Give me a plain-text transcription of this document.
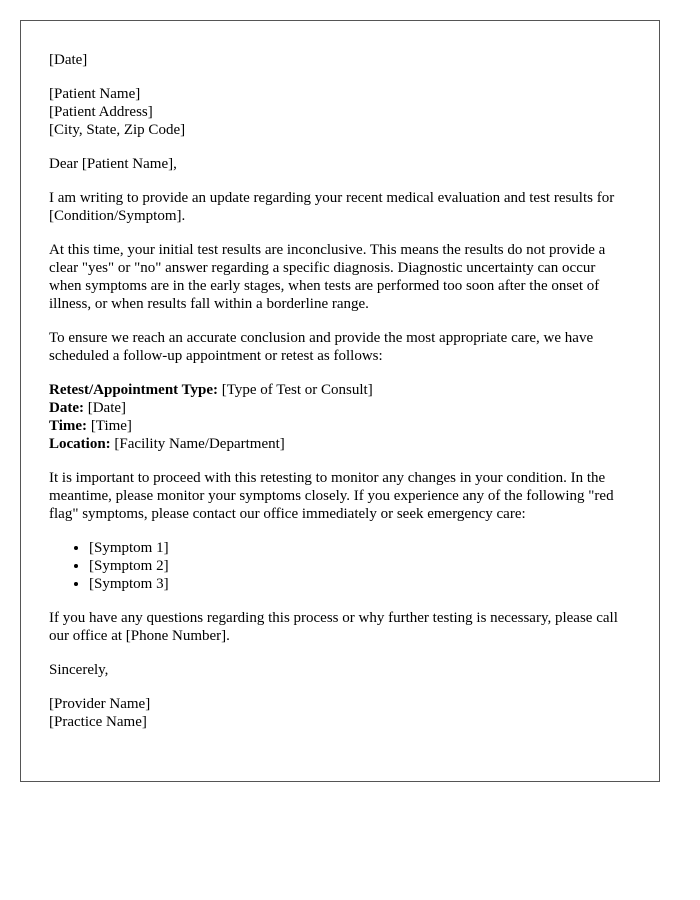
[Date]

[Patient Name]
[Patient Address]
[City, State, Zip Code]

Dear [Patient Name],

I am writing to provide an update regarding your recent medical evaluation and test results for [Condition/Symptom].

At this time, your initial test results are inconclusive. This means the results do not provide a clear "yes" or "no" answer regarding a specific diagnosis. Diagnostic uncertainty can occur when symptoms are in the early stages, when tests are performed too soon after the onset of illness, or when results fall within a borderline range.

To ensure we reach an accurate conclusion and provide the most appropriate care, we have scheduled a follow-up appointment or retest as follows:

Retest/Appointment Type: [Type of Test or Consult]
Date: [Date]
Time: [Time]
Location: [Facility Name/Department]

It is important to proceed with this retesting to monitor any changes in your condition. In the meantime, please monitor your symptoms closely. If you experience any of the following "red flag" symptoms, please contact our office immediately or seek emergency care:

• [Symptom 1]
• [Symptom 2]
• [Symptom 3]

If you have any questions regarding this process or why further testing is necessary, please call our office at [Phone Number].

Sincerely,

[Provider Name]
[Practice Name]
